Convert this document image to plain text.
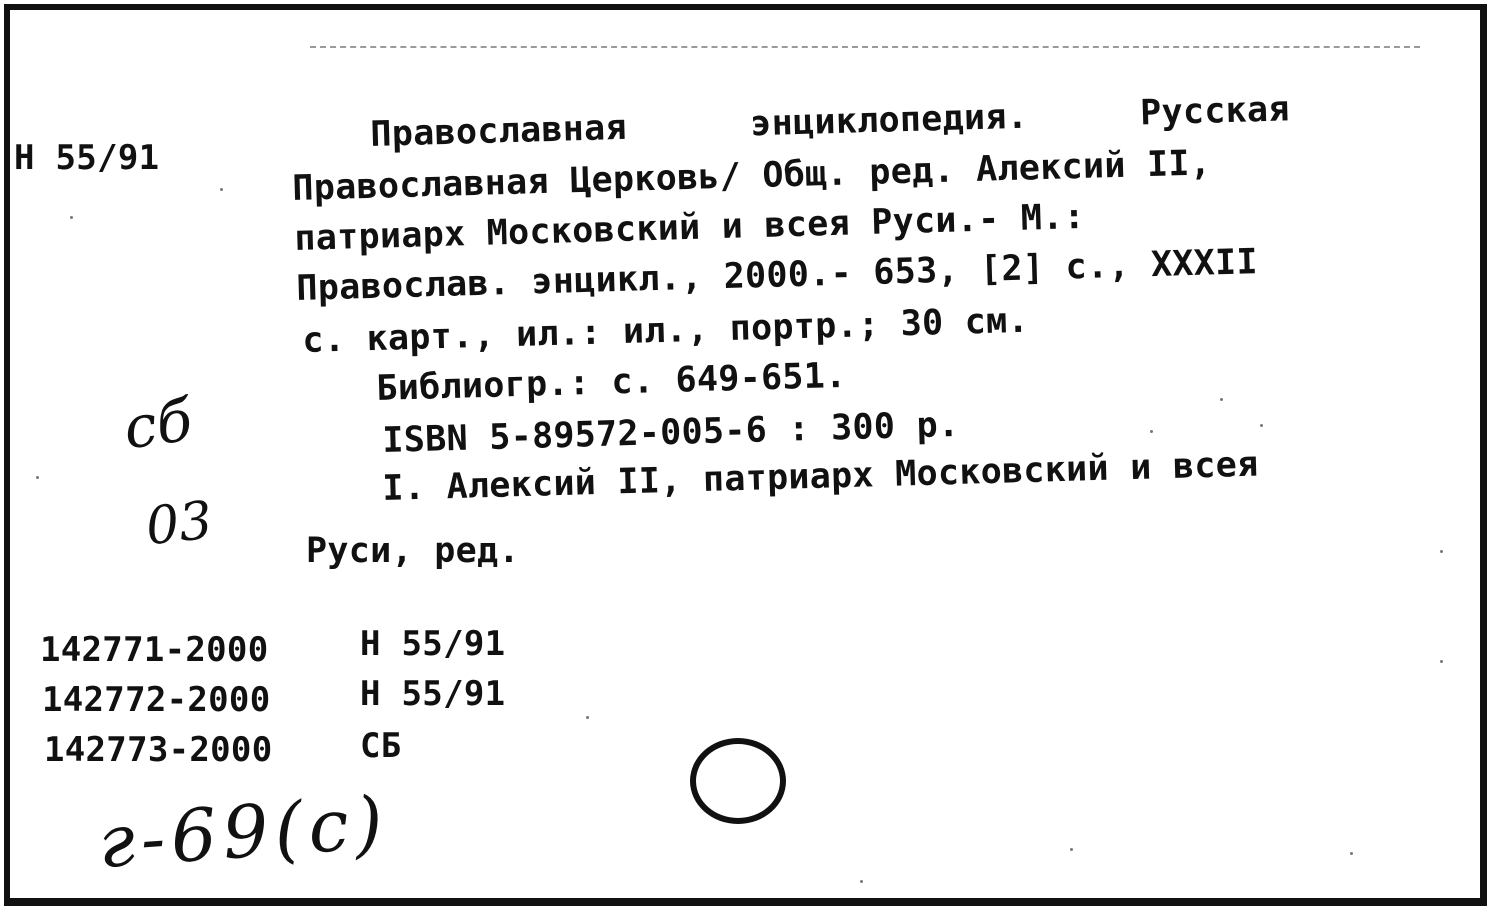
Н 55/91
Православная	энциклопедия.	Русская
Православная Церковь/ Общ. ред. Алексий II,
патриарх Московский и всея Руси.- М.:
Православ. энцикл., 2000.- 653, [2] с., XXXII
с. карт., ил.: ил., портр.; 30 см.
Библиогр.: с. 649-651.
ISBN 5-89572-005-6 : 300 р.
I. Алексий II, патриарх Московский и всея
Руси, ред.
142771-2000	Н 55/91
142772-2000	Н 55/91
142773-2000	СБ
сб
03
г-69(с)
